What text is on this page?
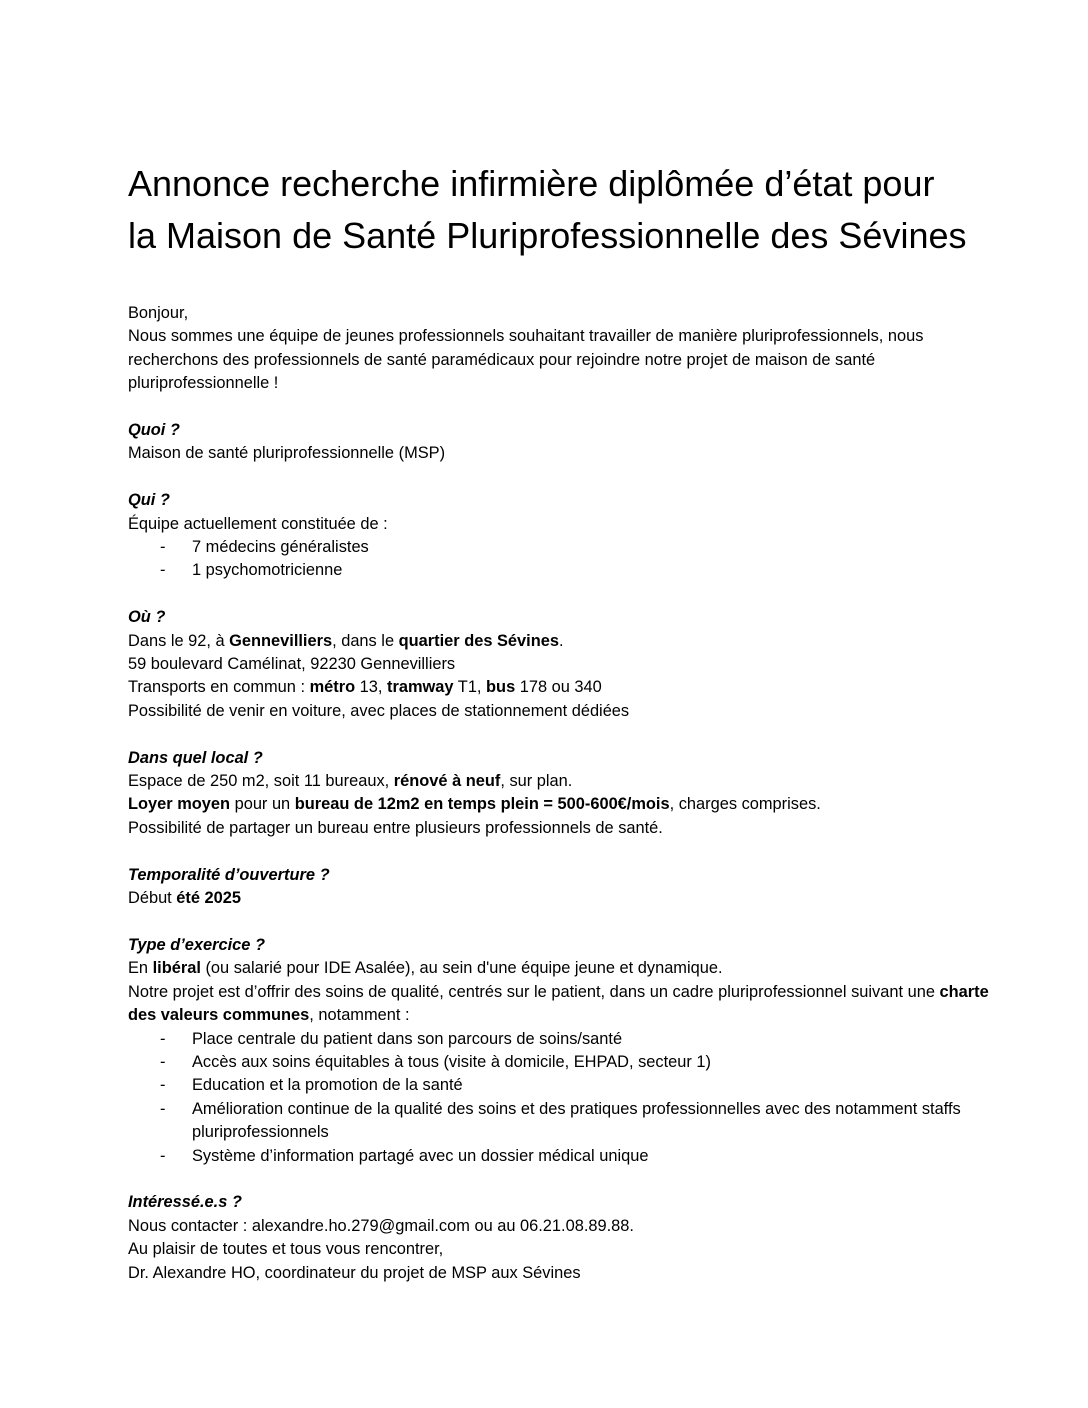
Annonce recherche infirmière diplômée d’état pour
la Maison de Santé Pluriprofessionnelle des Sévines
Bonjour,
Nous sommes une équipe de jeunes professionnels souhaitant travailler de manière pluriprofessionnels, nous recherchons des professionnels de santé paramédicaux pour rejoindre notre projet de maison de santé pluriprofessionnelle !
Quoi ?
Maison de santé pluriprofessionnelle (MSP)
Qui ?
Équipe actuellement constituée de :
- 7 médecins généralistes
- 1 psychomotricienne
Où ?
Dans le 92, à Gennevilliers, dans le quartier des Sévines.
59 boulevard Camélinat, 92230 Gennevilliers
Transports en commun : métro 13, tramway T1, bus 178 ou 340
Possibilité de venir en voiture, avec places de stationnement dédiées
Dans quel local ?
Espace de 250 m2, soit 11 bureaux, rénové à neuf, sur plan.
Loyer moyen pour un bureau de 12m2 en temps plein = 500-600€/mois, charges comprises.
Possibilité de partager un bureau entre plusieurs professionnels de santé.
Temporalité d’ouverture ?
Début été 2025
Type d’exercice ?
En libéral (ou salarié pour IDE Asalée), au sein d'une équipe jeune et dynamique.
Notre projet est d’offrir des soins de qualité, centrés sur le patient, dans un cadre pluriprofessionnel suivant une charte des valeurs communes, notamment :
- Place centrale du patient dans son parcours de soins/santé
- Accès aux soins équitables à tous (visite à domicile, EHPAD, secteur 1)
- Education et la promotion de la santé
- Amélioration continue de la qualité des soins et des pratiques professionnelles avec des notamment staffs pluriprofessionnels
- Système d’information partagé avec un dossier médical unique
Intéressé.e.s ?
Nous contacter : alexandre.ho.279@gmail.com ou au 06.21.08.89.88.
Au plaisir de toutes et tous vous rencontrer,
Dr. Alexandre HO, coordinateur du projet de MSP aux Sévines
